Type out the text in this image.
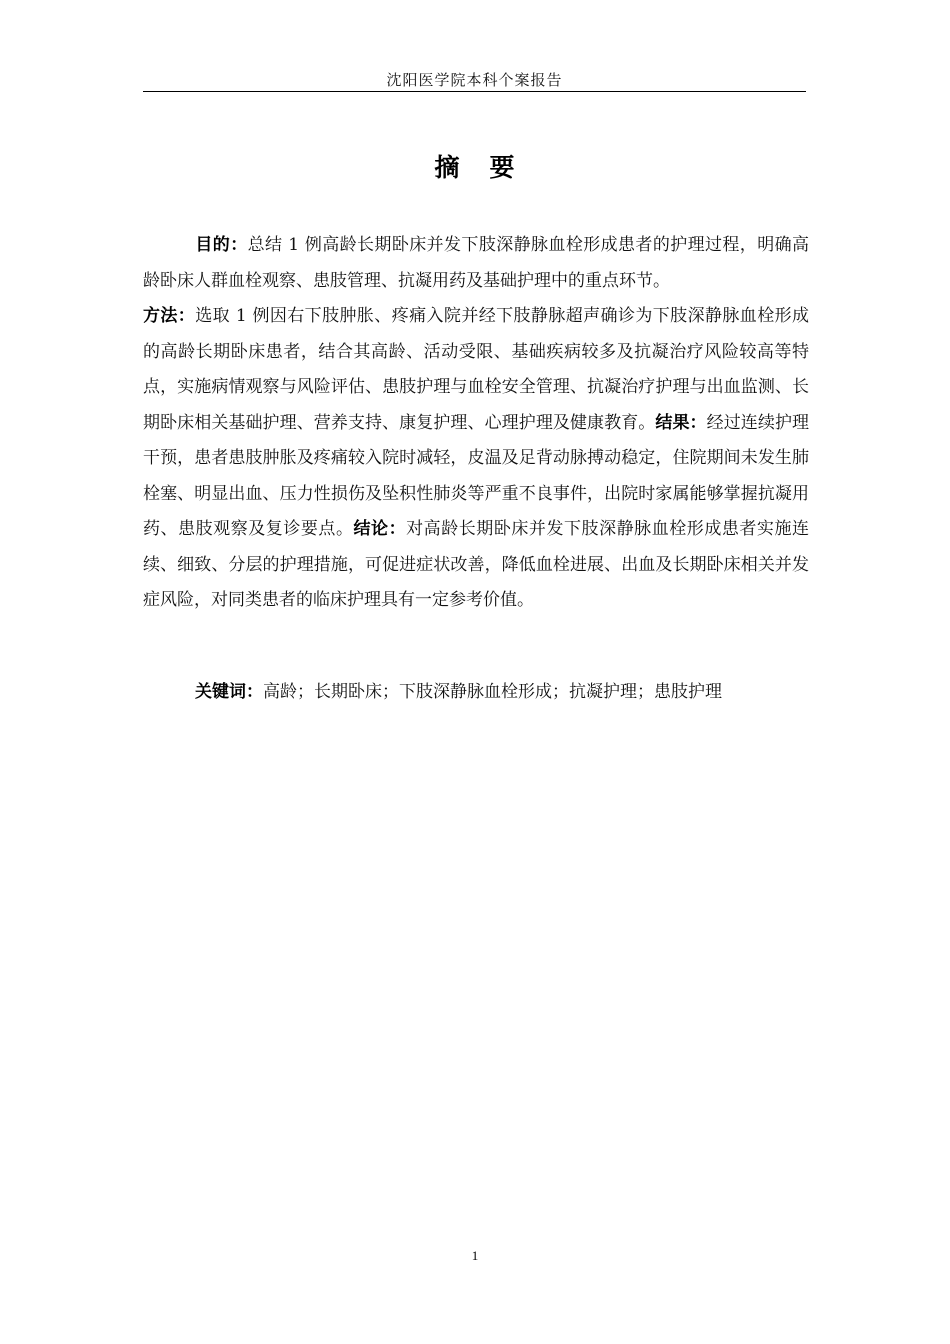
沈阳医学院本科个案报告
摘 要
目的：总结 1 例高龄长期卧床并发下肢深静脉血栓形成患者的护理过程，明确高龄卧床人群血栓观察、患肢管理、抗凝用药及基础护理中的重点环节。
方法：选取 1 例因右下肢肿胀、疼痛入院并经下肢静脉超声确诊为下肢深静脉血栓形成的高龄长期卧床患者，结合其高龄、活动受限、基础疾病较多及抗凝治疗风险较高等特点，实施病情观察与风险评估、患肢护理与血栓安全管理、抗凝治疗护理与出血监测、长期卧床相关基础护理、营养支持、康复护理、心理护理及健康教育。结果：经过连续护理干预，患者患肢肿胀及疼痛较入院时减轻，皮温及足背动脉搏动稳定，住院期间未发生肺栓塞、明显出血、压力性损伤及坠积性肺炎等严重不良事件，出院时家属能够掌握抗凝用药、患肢观察及复诊要点。结论：对高龄长期卧床并发下肢深静脉血栓形成患者实施连续、细致、分层的护理措施，可促进症状改善，降低血栓进展、出血及长期卧床相关并发症风险，对同类患者的临床护理具有一定参考价值。
关键词：高龄；长期卧床；下肢深静脉血栓形成；抗凝护理；患肢护理
1
